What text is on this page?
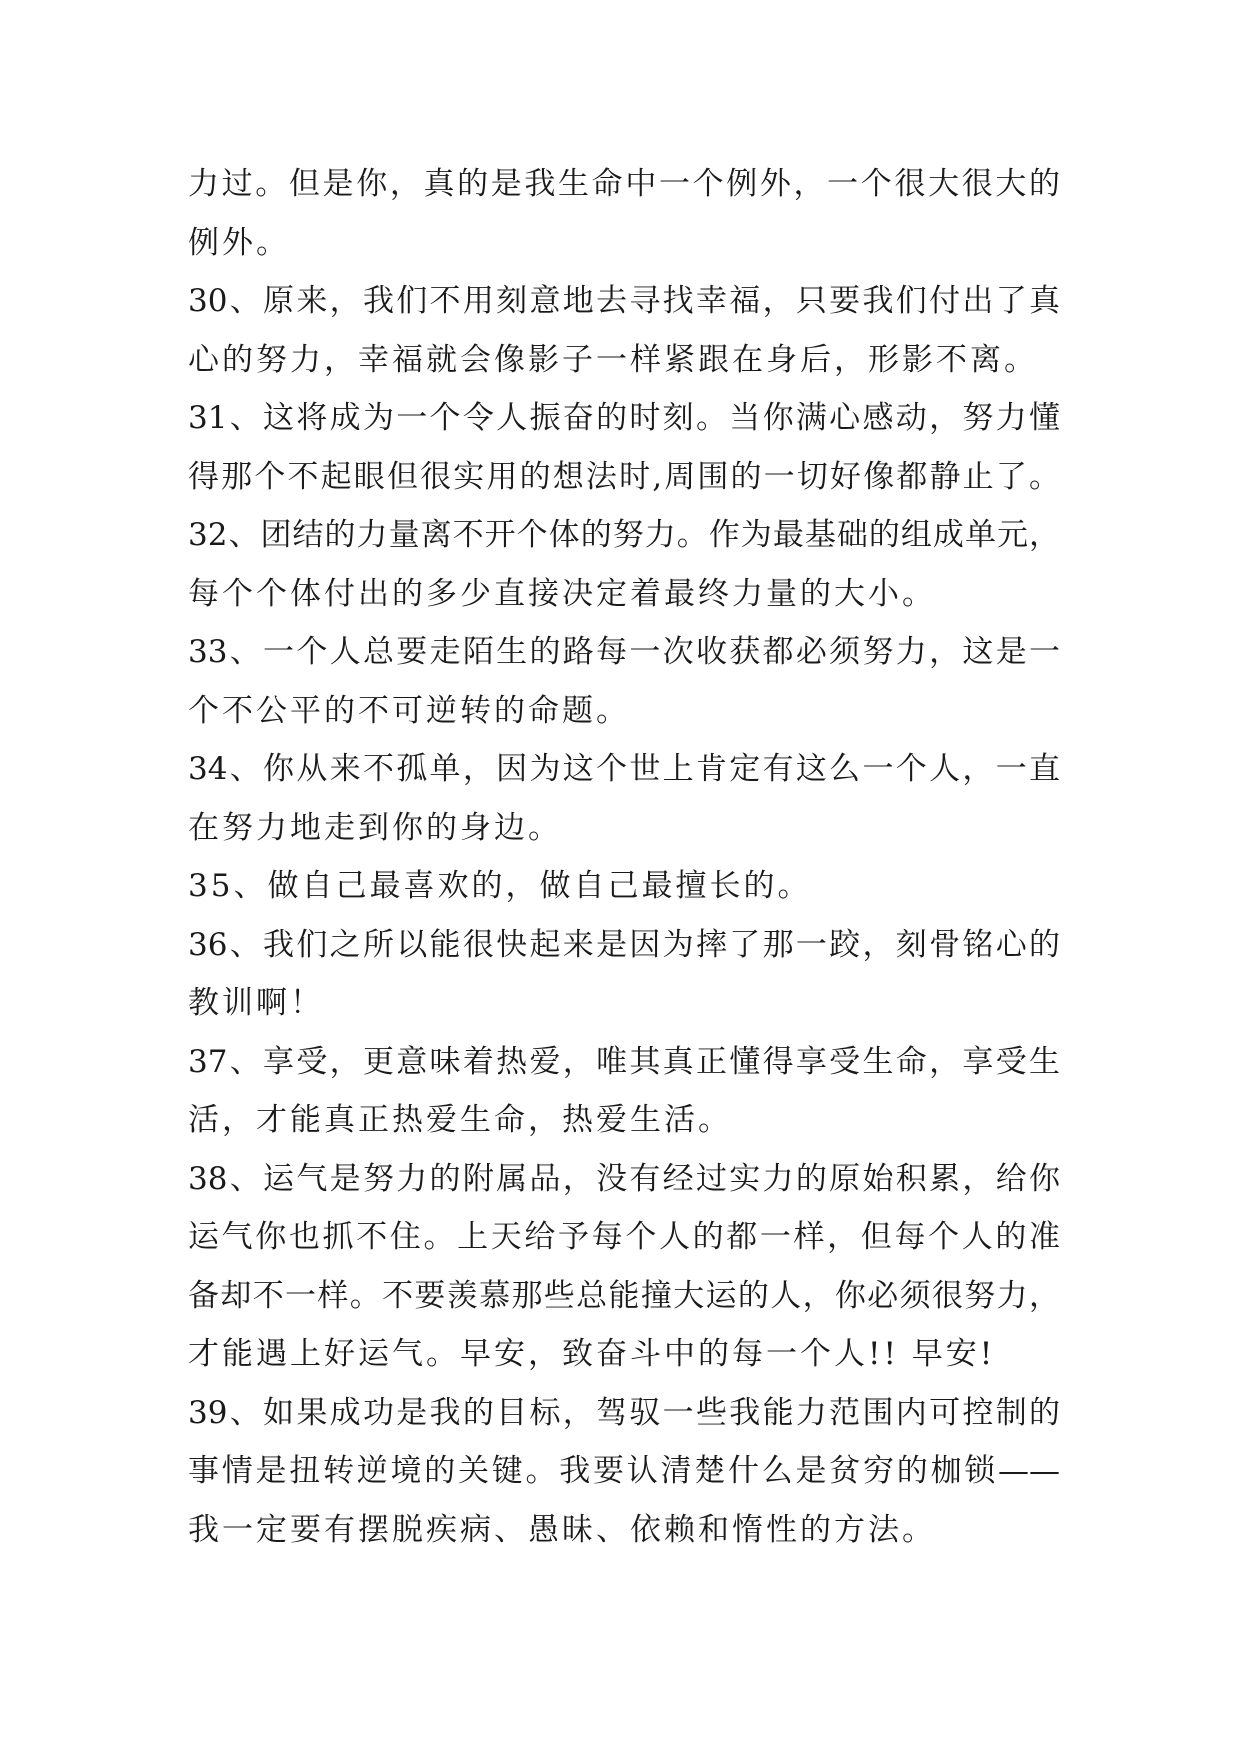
力过。但是你，真的是我生命中一个例外，一个很大很大的
例外。
30、原来，我们不用刻意地去寻找幸福，只要我们付出了真
心的努力，幸福就会像影子一样紧跟在身后，形影不离。
31、这将成为一个令人振奋的时刻。当你满心感动，努力懂
得那个不起眼但很实用的想法时,周围的一切好像都静止了。
32、团结的力量离不开个体的努力。作为最基础的组成单元，
每个个体付出的多少直接决定着最终力量的大小。
33、一个人总要走陌生的路每一次收获都必须努力，这是一
个不公平的不可逆转的命题。
34、你从来不孤单，因为这个世上肯定有这么一个人，一直
在努力地走到你的身边。
35、做自己最喜欢的，做自己最擅长的。
36、我们之所以能很快起来是因为摔了那一跤，刻骨铭心的
教训啊！
37、享受，更意味着热爱，唯其真正懂得享受生命，享受生
活，才能真正热爱生命，热爱生活。
38、运气是努力的附属品，没有经过实力的原始积累，给你
运气你也抓不住。上天给予每个人的都一样，但每个人的准
备却不一样。不要羡慕那些总能撞大运的人，你必须很努力，
才能遇上好运气。早安，致奋斗中的每一个人!! 早安!
39、如果成功是我的目标，驾驭一些我能力范围内可控制的
事情是扭转逆境的关键。我要认清楚什么是贫穷的枷锁——
我一定要有摆脱疾病、愚昧、依赖和惰性的方法。
